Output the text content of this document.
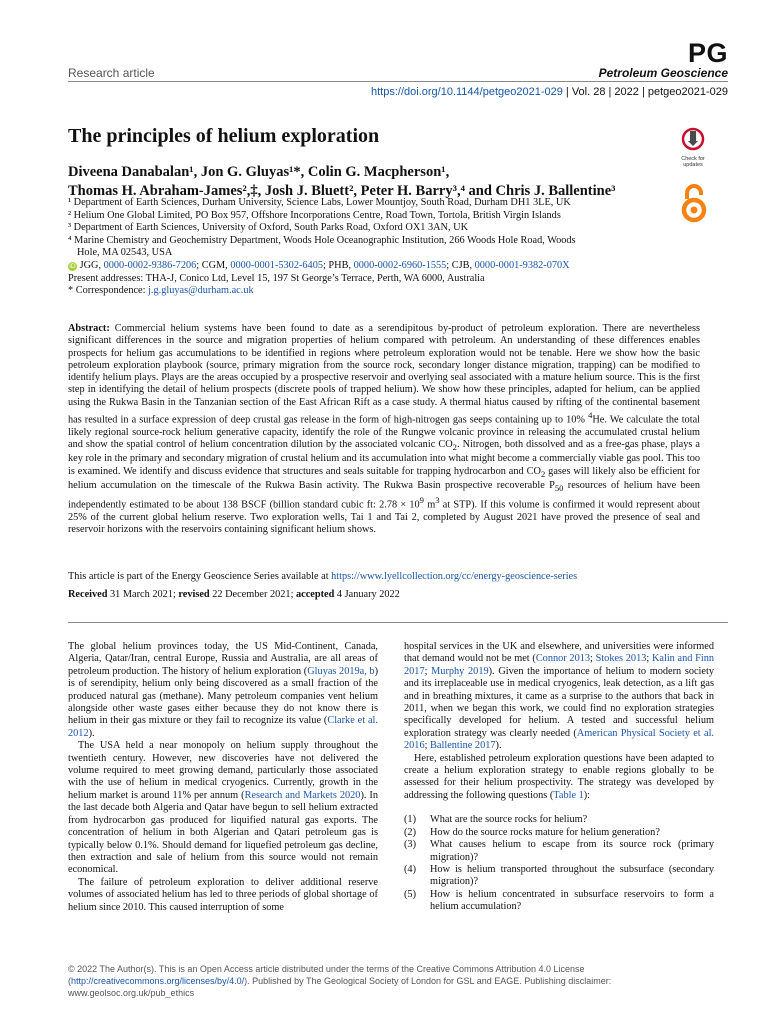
PG
Research article	Petroleum Geoscience
https://doi.org/10.1144/petgeo2021-029 | Vol. 28 | 2022 | petgeo2021-029
The principles of helium exploration
Check for
updates
Diveena Danabalan¹, Jon G. Gluyas¹*, Colin G. Macpherson¹,
Thomas H. Abraham-James²,‡, Josh J. Bluett², Peter H. Barry³,⁴ and Chris J. Ballentine³
¹ Department of Earth Sciences, Durham University, Science Labs, Lower Mountjoy, South Road, Durham DH1 3LE, UK
² Helium One Global Limited, PO Box 957, Offshore Incorporations Centre, Road Town, Tortola, British Virgin Islands
³ Department of Earth Sciences, University of Oxford, South Parks Road, Oxford OX1 3AN, UK
⁴ Marine Chemistry and Geochemistry Department, Woods Hole Oceanographic Institution, 266 Woods Hole Road, Woods
Hole, MA 02543, USA
iD JGG, 0000-0002-9386-7206; CGM, 0000-0001-5302-6405; PHB, 0000-0002-6960-1555; CJB, 0000-0001-9382-070X
Present addresses: THA-J, Conico Ltd, Level 15, 197 St George’s Terrace, Perth, WA 6000, Australia
* Correspondence: j.g.gluyas@durham.ac.uk
Abstract: Commercial helium systems have been found to date as a serendipitous by-product of petroleum exploration. There are nevertheless significant differences in the source and migration properties of helium compared with petroleum. An understanding of these differences enables prospects for helium gas accumulations to be identified in regions where petroleum exploration would not be tenable. Here we show how the basic petroleum exploration playbook (source, primary migration from the source rock, secondary longer distance migration, trapping) can be modified to identify helium plays. Plays are the areas occupied by a prospective reservoir and overlying seal associated with a mature helium source. This is the first step in identifying the detail of helium prospects (discrete pools of trapped helium). We show how these principles, adapted for helium, can be applied using the Rukwa Basin in the Tanzanian section of the East African Rift as a case study. A thermal hiatus caused by rifting of the continental basement has resulted in a surface expression of deep crustal gas release in the form of high-nitrogen gas seeps containing up to 10% $^4$He. We calculate the total likely regional source-rock helium generative capacity, identify the role of the Rungwe volcanic province in releasing the accumulated crustal helium and show the spatial control of helium concentration dilution by the associated volcanic $CO_2$. Nitrogen, both dissolved and as a free-gas phase, plays a key role in the primary and secondary migration of crustal helium and its accumulation into what might become a commercially viable gas pool. This too is examined. We identify and discuss evidence that structures and seals suitable for trapping hydrocarbon and $CO_2$ gases will likely also be efficient for helium accumulation on the timescale of the Rukwa Basin activity. The Rukwa Basin prospective recoverable $P_{50}$ resources of helium have been independently estimated to be about 138 BSCF (billion standard cubic ft: $2.78 \times 10^9$ $m^3$ at STP). If this volume is confirmed it would represent about 25% of the current global helium reserve. Two exploration wells, Tai 1 and Tai 2, completed by August 2021 have proved the presence of seal and reservoir horizons with the reservoirs containing significant helium shows.
This article is part of the Energy Geoscience Series available at https://www.lyellcollection.org/cc/energy-geoscience-series
Received 31 March 2021; revised 22 December 2021; accepted 4 January 2022

The global helium provinces today, the US Mid-Continent, Canada, Algeria, Qatar/Iran, central Europe, Russia and Australia, are all areas of petroleum production. The history of helium exploration (Gluyas 2019a, b) is of serendipity, helium only being discovered as a small fraction of the produced natural gas (methane). Many petroleum companies vent helium alongside other waste gases either because they do not know there is helium in their gas mixture or they fail to recognize its value (Clarke et al. 2012).

The USA held a near monopoly on helium supply throughout the twentieth century. However, new discoveries have not delivered the volume required to meet growing demand, particularly those associated with the use of helium in medical cryogenics. Currently, growth in the helium market is around 11% per annum (Research and Markets 2020). In the last decade both Algeria and Qatar have begun to sell helium extracted from hydrocarbon gas produced for liquified natural gas exports. The concentration of helium in both Algerian and Qatari petroleum gas is typically below 0.1%. Should demand for liquefied petroleum gas decline, then extraction and sale of helium from this source would not remain economical.

The failure of petroleum exploration to deliver additional reserve volumes of associated helium has led to three periods of global shortage of helium since 2010. This caused interruption of some

hospital services in the UK and elsewhere, and universities were informed that demand would not be met (Connor 2013; Stokes 2013; Kalin and Finn 2017; Murphy 2019). Given the importance of helium to modern society and its irreplaceable use in medical cryogenics, leak detection, as a lift gas and in breathing mixtures, it came as a surprise to the authors that back in 2011, when we began this work, we could find no exploration strategies specifically developed for helium. A tested and successful helium exploration strategy was clearly needed (American Physical Society et al. 2016; Ballentine 2017).

Here, established petroleum exploration questions have been adapted to create a helium exploration strategy to enable regions globally to be assessed for their helium prospectivity. The strategy was developed by addressing the following questions (Table 1):

(1) What are the source rocks for helium?
(2) How do the source rocks mature for helium generation?
(3) What causes helium to escape from its source rock (primary migration)?
(4) How is helium transported throughout the subsurface (secondary migration)?
(5) How is helium concentrated in subsurface reservoirs to form a helium accumulation?
© 2022 The Author(s). This is an Open Access article distributed under the terms of the Creative Commons Attribution 4.0 License (http://creativecommons.org/licenses/by/4.0/). Published by The Geological Society of London for GSL and EAGE. Publishing disclaimer: www.geolsoc.org.uk/pub_ethics
